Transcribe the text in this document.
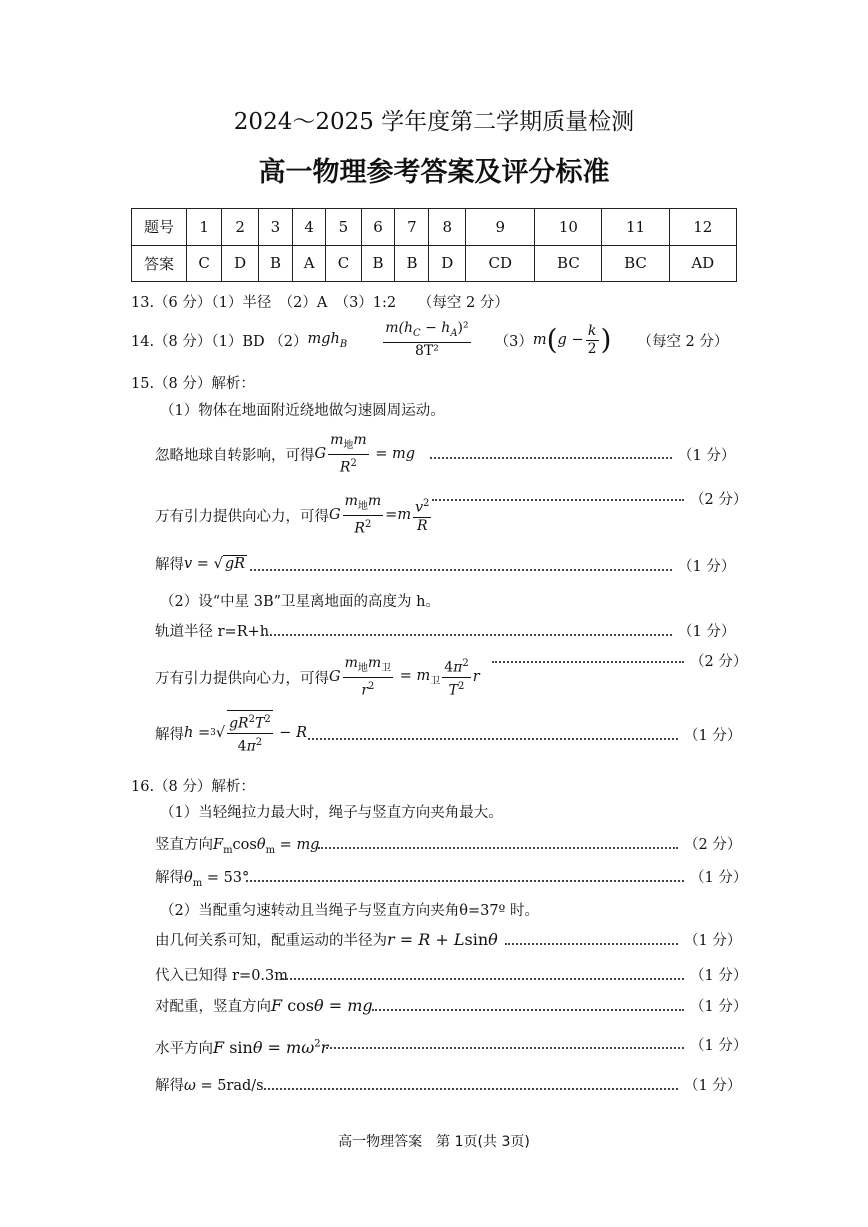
2024～2025 学年度第二学期质量检测
高一物理参考答案及评分标准
题号	1	2	3	4	5	6	7	8	9	10	11	12
答案	C	D	B	A	C	B	B	D	CD	BC	BC	AD
13.（6 分）（1）半径　（2）A　（3）1:2　　（每空 2 分）
14.（8 分）（1）BD （2） mgh$_B$	$\frac{m(h_C - h_A)^2}{\text{8T²}} (3)$ m ( $g - \frac{k}{2}$ ) （每空 2 分）
15.（8 分）解析：
（1）物体在地面附近绕地做匀速圆周运动。
忽略地球自转影响，可得 G $\frac{m_地m}{R^2}$ = mg	（1 分）
万有引力提供向心力，可得 G $\frac{m_地m}{R^2} =m \frac{v^2}{R}$	（2 分）
解得 v = √ gR	（1 分）
（2）设“中星 3B”卫星离地面的高度为 h。
轨道半径 r=R+h	（1 分）
万有引力提供向心力，可得 G $\frac{m_地m_卫}{r^2} = m_卫 \frac{4\pi^2}{T^2}$ r
（2 分）
解得 h = 3 √ $\frac{gR^2T^2}{4\pi^2} - R$	（1 分）
16.（8 分）解析：
（1）当轻绳拉力最大时，绳子与竖直方向夹角最大。
竖直方向$F_m\cos\theta_m$ = mg	（2 分）
解得$\theta_m = 53^\circ$	（1 分）
（2）当配重匀速转动且当绳子与竖直方向夹角θ=37º 时。
由几何关系可知，配重运动的半径为r = R + Lsinθ	（1 分）
代入已知得 r=0.3m	（1 分）
对配重，竖直方向F cosθ = mg	（1 分）
水平方向F $\sin\theta = m\omega^2r$	（1 分）
解得ω = 5rad/s	（1 分）
高一物理答案　第 1页(共 3页)
